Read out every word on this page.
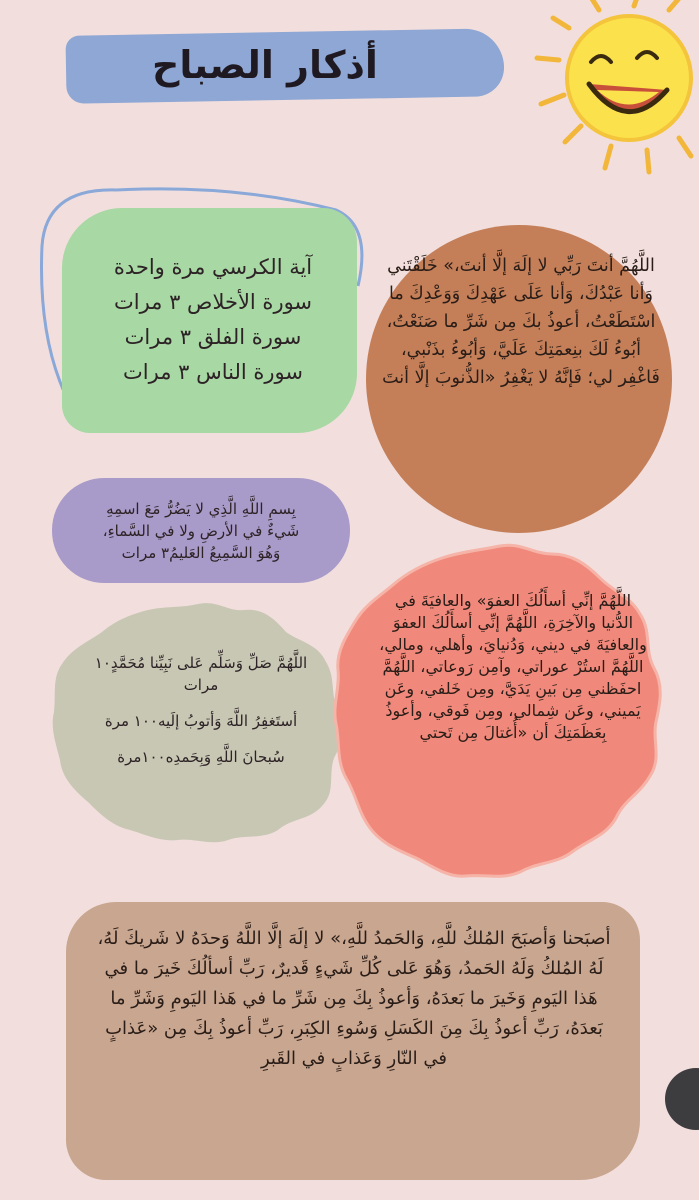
أذكار الصباح
آية الكرسي مرة واحدة
سورة الأخلاص ٣ مرات
سورة الفلق ٣ مرات
سورة الناس ٣ مرات
اللَّهُمَّ أنتَ رَبِّي لا إلَهَ إلَّا أنتَ،» خَلَقْتَني وَأنا عَبْدُكَ، وَأنا عَلَى عَهْدِكَ وَوَعْدِكَ ما اسْتَطَعْتُ، أعوذُ بكَ مِن شَرِّ ما صَنَعْتُ، أبُوءُ لَكَ بنِعمَتِكَ عَلَيَّ، وَأبُوءُ بذَنْبي، فَاغْفِر لي؛ فَإنَّهُ لا يَغْفِرُ «الذُّنوبَ إلَّا أنتَ
بِسمِ اللَّهِ الَّذِي لا يَضُرُّ مَعَ اسمِهِ
شَيءٌ في الأرضِ ولا في السَّماءِ،
وَهُوَ السَّمِيعُ العَليمُ٣ مرات

اللَّهُمَّ صَلِّ وَسَلِّم عَلى نَبِيِّنا مُحَمَّدٍ١٠ مرات

أستَغفِرُ اللَّهَ وَأتوبُ إلَيه١٠٠ مرة

سُبحانَ اللَّهِ وَبِحَمدِه١٠٠مرة

اللَّهُمَّ إنِّي أسأَلُكَ العفوَ» والعافيَةَ في الدُّنيا والآخِرَةِ، اللَّهُمَّ إنِّي أسأَلُكَ العفوَ والعافيَةَ في ديني، وَدُنيايَ، وأهلي، ومالي، اللَّهُمَّ استُرْ عوراتي، وآمِن رَوعاتي، اللَّهُمَّ احفَظني مِن بَينِ يَدَيَّ، ومِن خَلفي، وعَن يَميني، وعَن شِمالي، ومِن فَوقي، وأعوذُ بِعَظَمَتِكَ أن «أُغتالَ مِن تَحتي
أصبَحنا وَأصبَحَ المُلكُ للَّهِ، وَالحَمدُ للَّهِ،» لا إلَهَ إلَّا اللَّهُ وَحدَهُ لا شَريكَ لَهُ، لَهُ المُلكُ وَلَهُ الحَمدُ، وَهُوَ عَلى كُلِّ شَيءٍ قَديرٌ، رَبِّ أسألُكَ خَيرَ ما في هَذا اليَومِ وَخَيرَ ما بَعدَهُ، وَأعوذُ بِكَ مِن شَرِّ ما في هَذا اليَومِ وَشَرِّ ما بَعدَهُ، رَبِّ أعوذُ بِكَ مِنَ الكَسَلِ وَسُوءِ الكِبَرِ، رَبِّ أعوذُ بِكَ مِن «عَذابٍ في النّارِ وَعَذابٍ في القَبرِ
